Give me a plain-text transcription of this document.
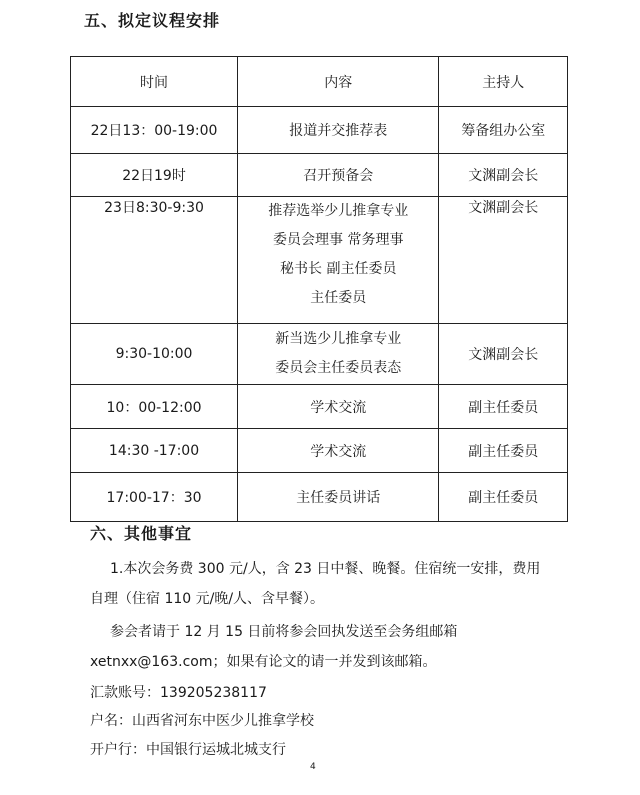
五、拟定议程安排
时间	内容	主持人
22日13：00-19:00	报道并交推荐表	筹备组办公室
22日19时	召开预备会	文渊副会长
23日8:30-9:30	推荐选举少儿推拿专业
委员会理事 常务理事
秘书长 副主任委员
主任委员	文渊副会长
9:30-10:00	新当选少儿推拿专业
委员会主任委员表态	文渊副会长
10：00-12:00	学术交流	副主任委员
14:30 -17:00	学术交流	副主任委员
17:00-17：30	主任委员讲话	副主任委员
六、其他事宜
1.本次会务费 300 元/人，含 23 日中餐、晚餐。住宿统一安排，费用
自理（住宿 110 元/晚/人、含早餐）。
参会者请于 12 月 15 日前将参会回执发送至会务组邮箱
xetnxx@163.com；如果有论文的请一并发到该邮箱。
汇款账号：13920523811​7
户名：山西省河东中医少儿推拿学校
开户行：中国银行运城北城支行
4
